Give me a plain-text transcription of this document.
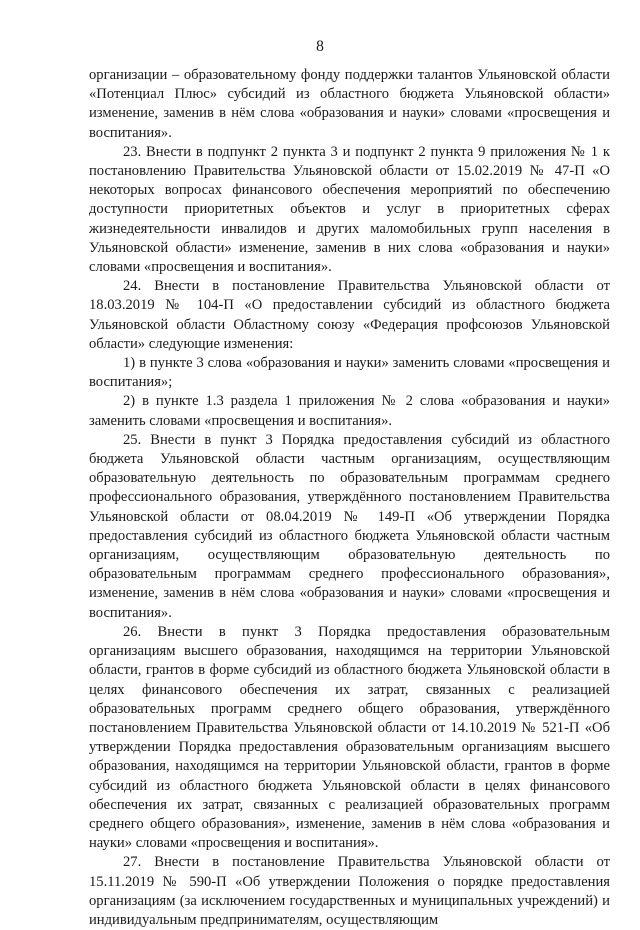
8

организации – образовательному фонду поддержки талантов Ульяновской области «Потенциал Плюс» субсидий из областного бюджета Ульяновской области» изменение, заменив в нём слова «образования и науки» словами «просвещения и воспитания».

23. Внести в подпункт 2 пункта 3 и подпункт 2 пункта 9 приложения № 1 к постановлению Правительства Ульяновской области от 15.02.2019 № 47-П «О некоторых вопросах финансового обеспечения мероприятий по обеспечению доступности приоритетных объектов и услуг в приоритетных сферах жизнедеятельности инвалидов и других маломобильных групп населения в Ульяновской области» изменение, заменив в них слова «образования и науки» словами «просвещения и воспитания».

24. Внести в постановление Правительства Ульяновской области от 18.03.2019 № 104-П «О предоставлении субсидий из областного бюджета Ульяновской области Областному союзу «Федерация профсоюзов Ульяновской области» следующие изменения:

1) в пункте 3 слова «образования и науки» заменить словами «просвещения и воспитания»;

2) в пункте 1.3 раздела 1 приложения № 2 слова «образования и науки» заменить словами «просвещения и воспитания».

25. Внести в пункт 3 Порядка предоставления субсидий из областного бюджета Ульяновской области частным организациям, осуществляющим образовательную деятельность по образовательным программам среднего профессионального образования, утверждённого постановлением Правительства Ульяновской области от 08.04.2019 № 149-П «Об утверждении Порядка предоставления субсидий из областного бюджета Ульяновской области частным организациям, осуществляющим образовательную деятельность по образовательным программам среднего профессионального образования», изменение, заменив в нём слова «образования и науки» словами «просвещения и воспитания».

26. Внести в пункт 3 Порядка предоставления образовательным организациям высшего образования, находящимся на территории Ульяновской области, грантов в форме субсидий из областного бюджета Ульяновской области в целях финансового обеспечения их затрат, связанных с реализацией образовательных программ среднего общего образования, утверждённого постановлением Правительства Ульяновской области от 14.10.2019 № 521-П «Об утверждении Порядка предоставления образовательным организациям высшего образования, находящимся на территории Ульяновской области, грантов в форме субсидий из областного бюджета Ульяновской области в целях финансового обеспечения их затрат, связанных с реализацией образовательных программ среднего общего образования», изменение, заменив в нём слова «образования и науки» словами «просвещения и воспитания».

27. Внести в постановление Правительства Ульяновской области от 15.11.2019 № 590-П «Об утверждении Положения о порядке предоставления организациям (за исключением государственных и муниципальных учреждений) и индивидуальным предпринимателям, осуществляющим
